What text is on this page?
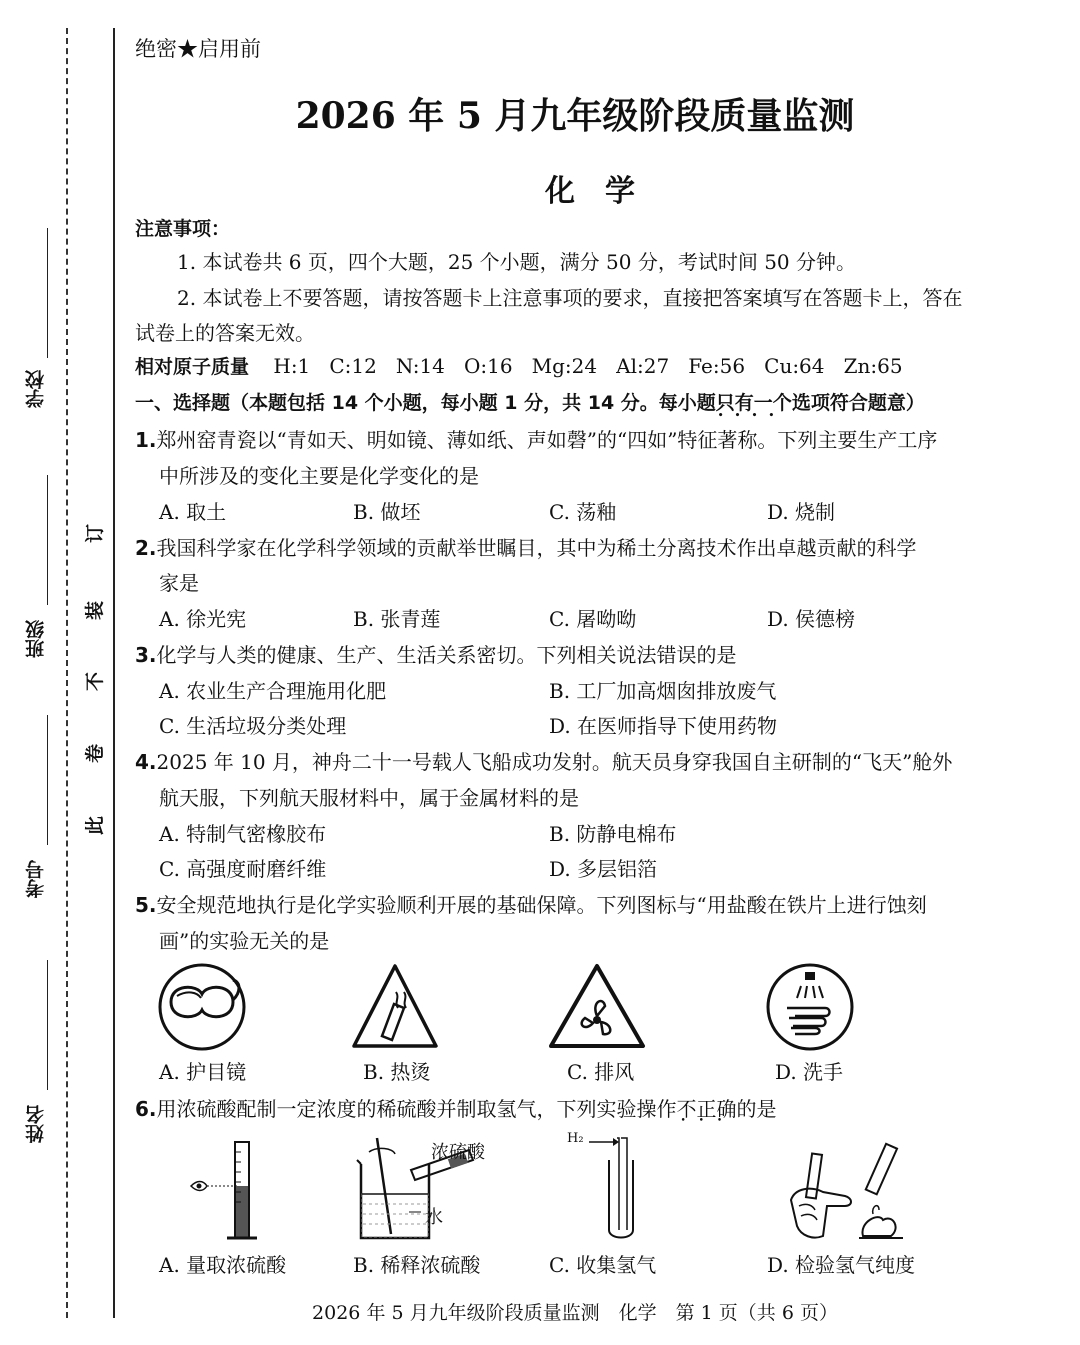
学校
班级
考号
姓名
订
装
不
卷
此
绝密★启用前
2026 年 5 月九年级阶段质量监测
化学
注意事项：
1. 本试卷共 6 页，四个大题，25 个小题，满分 50 分，考试时间 50 分钟。
2. 本试卷上不要答题，请按答题卡上注意事项的要求，直接把答案填写在答题卡上，答在
试卷上的答案无效。
相对原子质量 H:1   C:12   N:14   O:16   Mg:24   Al:27   Fe:56   Cu:64   Zn:65
一、选择题（本题包括 14 个小题，每小题 1 分，共 14 分。每小题只有一个 • • • •选项符合题意）
1.郑州窑青瓷以“青如天、明如镜、薄如纸、声如磬”的“四如”特征著称。下列主要生产工序
中所涉及的变化主要是化学变化的是
A. 取土	B. 做坯	C. 荡釉	D. 烧制
2.我国科学家在化学科学领域的贡献举世瞩目，其中为稀土分离技术作出卓越贡献的科学
家是
A. 徐光宪	B. 张青莲	C. 屠呦呦	D. 侯德榜
3.化学与人类的健康、生产、生活关系密切。下列相关说法错误的是
A. 农业生产合理施用化肥	B. 工厂加高烟囱排放废气
C. 生活垃圾分类处理	D. 在医师指导下使用药物
4.2025 年 10 月，神舟二十一号载人飞船成功发射。航天员身穿我国自主研制的“飞天”舱外
航天服，下列航天服材料中，属于金属材料的是
A. 特制气密橡胶布	B. 防静电棉布
C. 高强度耐磨纤维	D. 多层铝箔
5.安全规范地执行是化学实验顺利开展的基础保障。下列图标与“用盐酸在铁片上进行蚀刻
画”的实验无关的是
A. 护目镜	B. 热烫	C. 排风	D. 洗手
6.用浓硫酸配制一定浓度的稀硫酸并制取氢气，下列实验操作不正确 • • •的是
浓硫酸
水
H₂
A. 量取浓硫酸	B. 稀释浓硫酸	C. 收集氢气	D. 检验氢气纯度
2026 年 5 月九年级阶段质量监测　化学　第 1 页（共 6 页）
